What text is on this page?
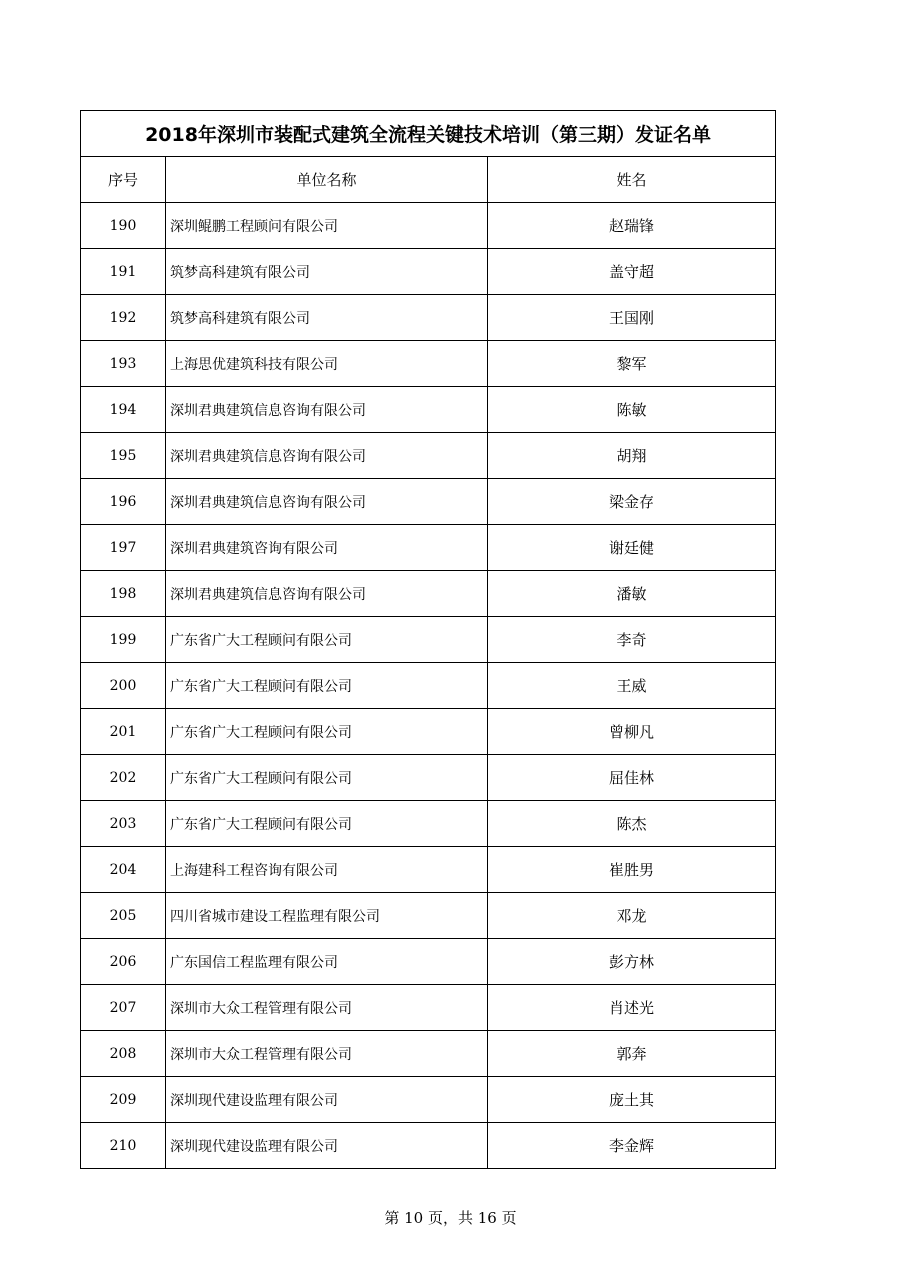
2018年深圳市装配式建筑全流程关键技术培训（第三期）发证名单		
序号	单位名称	姓名
190	深圳鲲鹏工程顾问有限公司	赵瑞锋
191	筑梦高科建筑有限公司	盖守超
192	筑梦高科建筑有限公司	王国刚
193	上海思优建筑科技有限公司	黎军
194	深圳君典建筑信息咨询有限公司	陈敏
195	深圳君典建筑信息咨询有限公司	胡翔
196	深圳君典建筑信息咨询有限公司	梁金存
197	深圳君典建筑咨询有限公司	谢廷健
198	深圳君典建筑信息咨询有限公司	潘敏
199	广东省广大工程顾问有限公司	李奇
200	广东省广大工程顾问有限公司	王威
201	广东省广大工程顾问有限公司	曾柳凡
202	广东省广大工程顾问有限公司	屈佳林
203	广东省广大工程顾问有限公司	陈杰
204	上海建科工程咨询有限公司	崔胜男
205	四川省城市建设工程监理有限公司	邓龙
206	广东国信工程监理有限公司	彭方林
207	深圳市大众工程管理有限公司	肖述光
208	深圳市大众工程管理有限公司	郭奔
209	深圳现代建设监理有限公司	庞土其
210	深圳现代建设监理有限公司	李金辉
第 10 页，共 16 页
